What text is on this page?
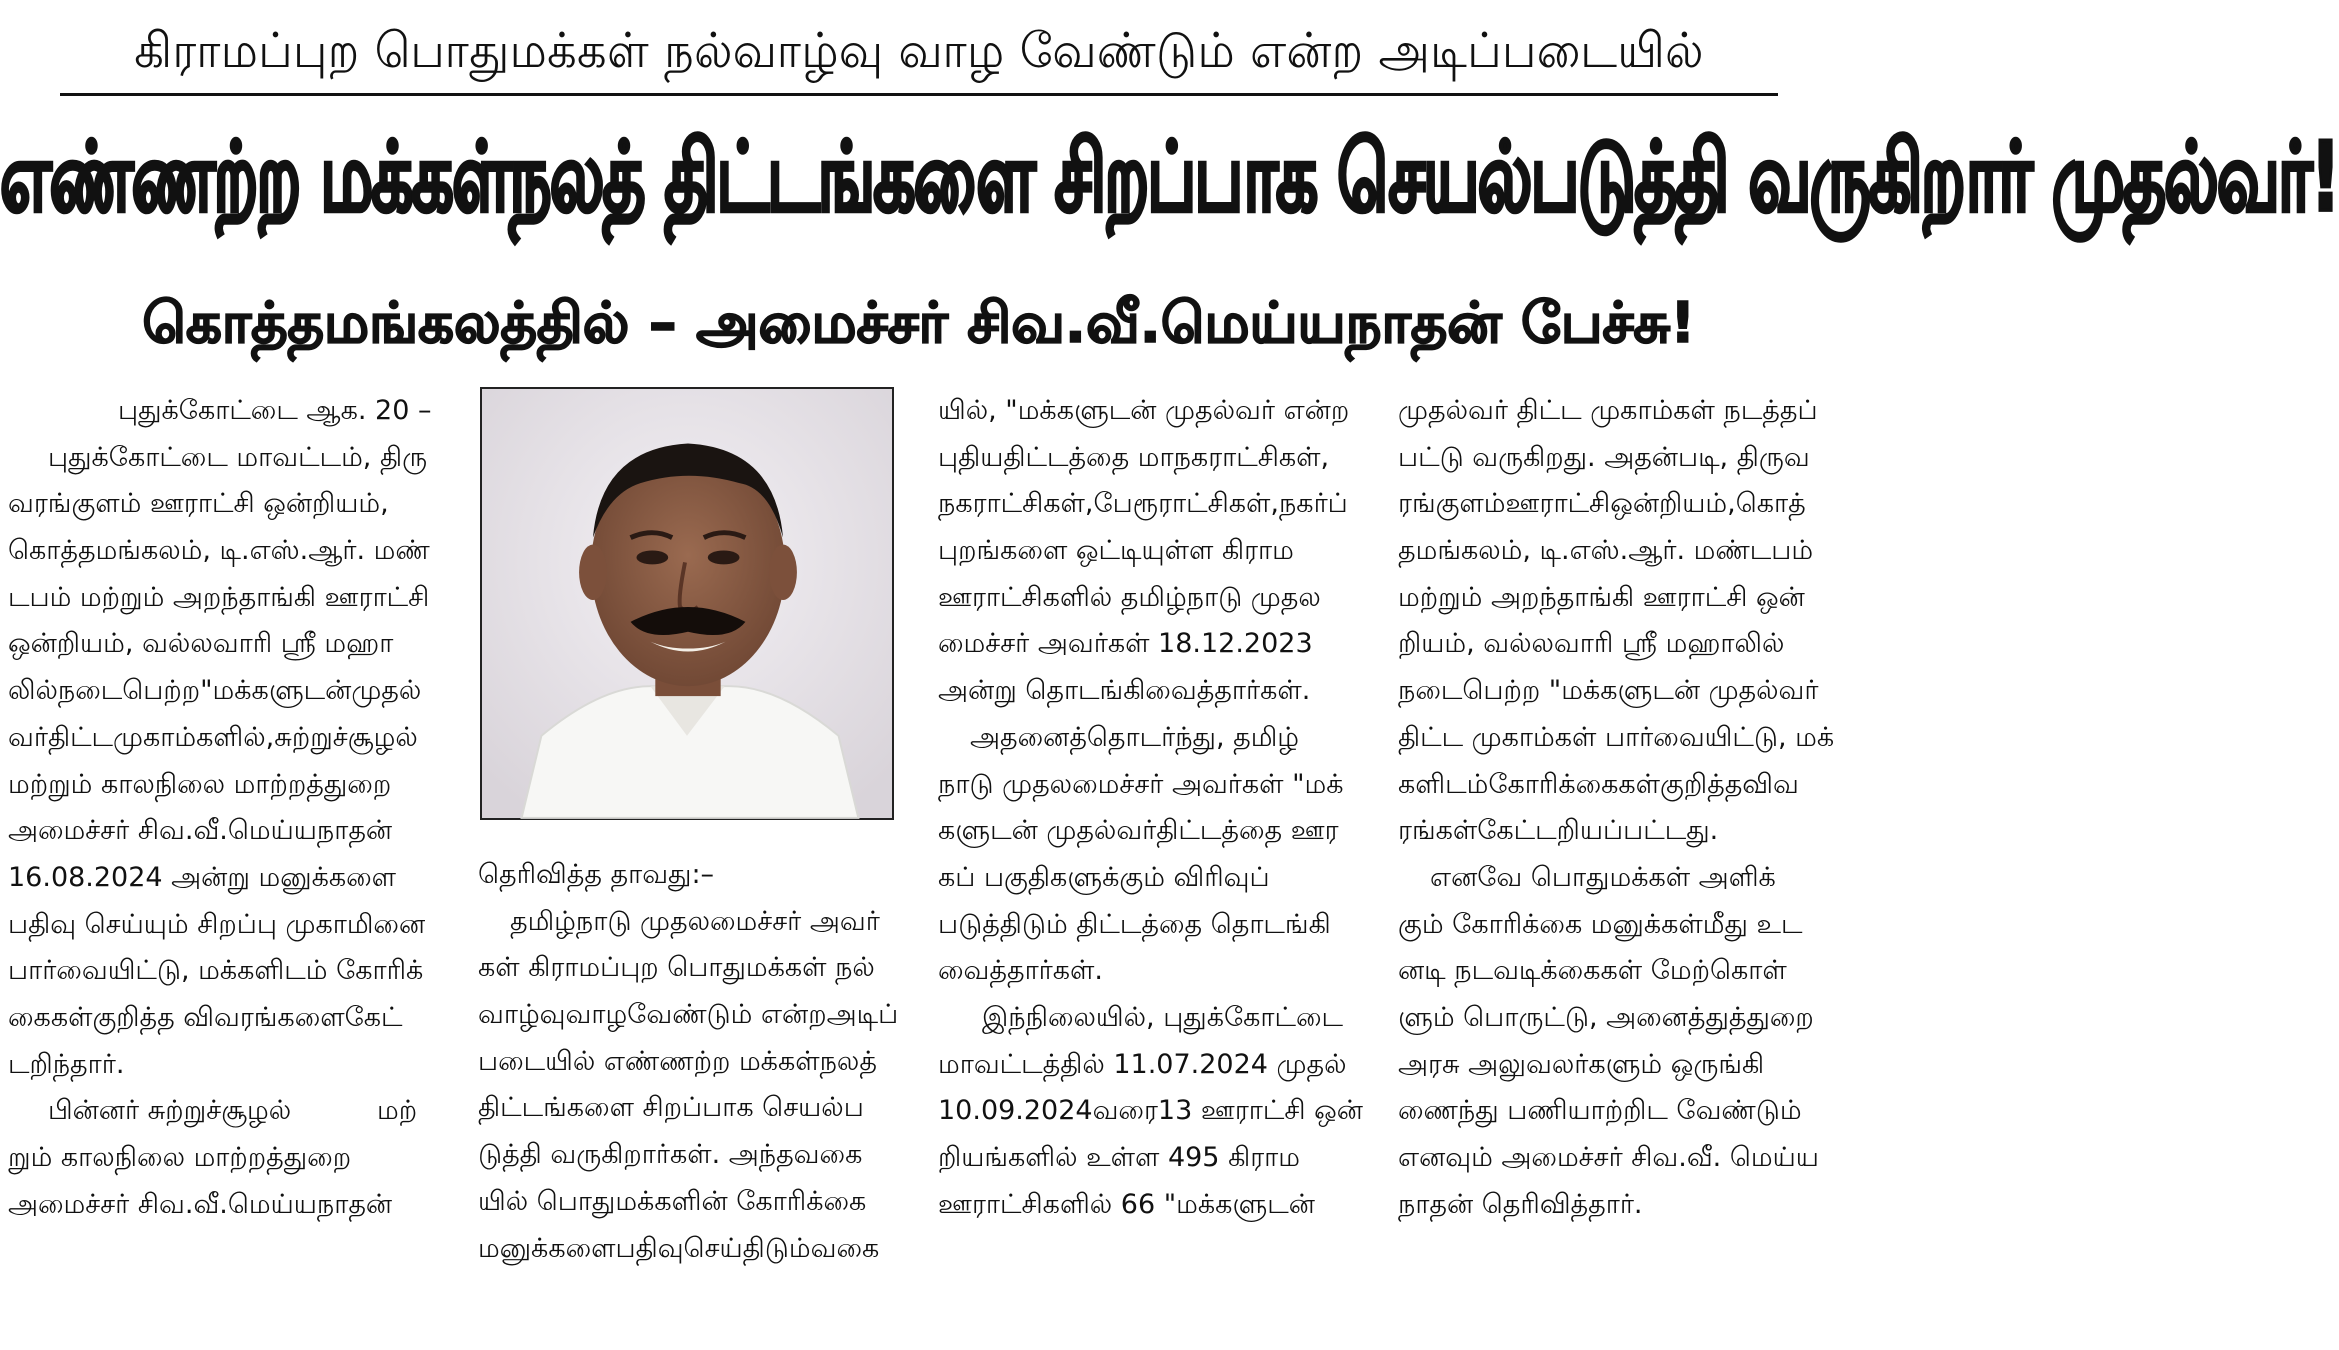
கிராமப்புற பொதுமக்கள் நல்வாழ்வு வாழ வேண்டும் என்ற அடிப்படையில்
எண்ணற்ற மக்கள்நலத் திட்டங்களை சிறப்பாக செயல்படுத்தி வருகிறார் முதல்வர்!
கொத்தமங்கலத்தில் – அமைச்சர் சிவ.வீ.மெய்யநாதன் பேச்சு!
புதுக்கோட்டை ஆக. 20 –
புதுக்கோட்டை மாவட்டம், திரு
வரங்குளம் ஊராட்சி ஒன்றியம்,
கொத்தமங்கலம், டி.எஸ்.ஆர். மண்
டபம் மற்றும் அறந்தாங்கி ஊராட்சி
ஒன்றியம், வல்லவாரி ஸ்ரீ மஹா
லில்நடைபெற்ற"மக்களுடன்முதல்
வர்திட்டமுகாம்களில்,சுற்றுச்சூழல்
மற்றும் காலநிலை மாற்றத்துறை
அமைச்சர் சிவ.வீ.மெய்யநாதன்
16.08.2024 அன்று மனுக்களை
பதிவு செய்யும் சிறப்பு முகாமினை
பார்வையிட்டு, மக்களிடம் கோரிக்
கைகள்குறித்த விவரங்களைகேட்
டறிந்தார்.
பின்னர் சுற்றுச்சூழல்          மற்
றும் காலநிலை மாற்றத்துறை
அமைச்சர் சிவ.வீ.மெய்யநாதன்
தெரிவித்த தாவது:–
தமிழ்நாடு முதலமைச்சர் அவர்
கள் கிராமப்புற பொதுமக்கள் நல்
வாழ்வுவாழவேண்டும் என்றஅடிப்
படையில் எண்ணற்ற மக்கள்நலத்
திட்டங்களை சிறப்பாக செயல்ப
டுத்தி வருகிறார்கள். அந்தவகை
யில் பொதுமக்களின் கோரிக்கை
மனுக்களைபதிவுசெய்திடும்வகை
யில், "மக்களுடன் முதல்வர் என்ற
புதியதிட்டத்தை மாநகராட்சிகள்,
நகராட்சிகள்,பேரூராட்சிகள்,நகர்ப்
புறங்களை ஒட்டியுள்ள கிராம
ஊராட்சிகளில் தமிழ்நாடு முதல
மைச்சர் அவர்கள் 18.12.2023
அன்று தொடங்கிவைத்தார்கள்.
அதனைத்தொடர்ந்து, தமிழ்
நாடு முதலமைச்சர் அவர்கள் "மக்
களுடன் முதல்வர்திட்டத்தை ஊர
கப் பகுதிகளுக்கும் விரிவுப்
படுத்திடும் திட்டத்தை தொடங்கி
வைத்தார்கள்.
இந்நிலையில், புதுக்கோட்டை
மாவட்டத்தில் 11.07.2024 முதல்
10.09.2024வரை13 ஊராட்சி ஒன்
றியங்களில் உள்ள 495 கிராம
ஊராட்சிகளில் 66 "மக்களுடன்
முதல்வர் திட்ட முகாம்கள் நடத்தப்
பட்டு வருகிறது. அதன்படி, திருவ
ரங்குளம்ஊராட்சிஒன்றியம்,கொத்
தமங்கலம், டி.எஸ்.ஆர். மண்டபம்
மற்றும் அறந்தாங்கி ஊராட்சி ஒன்
றியம், வல்லவாரி ஸ்ரீ மஹாலில்
நடைபெற்ற "மக்களுடன் முதல்வர்
திட்ட முகாம்கள் பார்வையிட்டு, மக்
களிடம்கோரிக்கைகள்குறித்தவிவ
ரங்கள்கேட்டறியப்பட்டது.
எனவே பொதுமக்கள் அளிக்
கும் கோரிக்கை மனுக்கள்மீது உட
னடி நடவடிக்கைகள் மேற்கொள்
ளும் பொருட்டு, அனைத்துத்துறை
அரசு அலுவலர்களும் ஒருங்கி
ணைந்து பணியாற்றிட வேண்டும்
எனவும் அமைச்சர் சிவ.வீ. மெய்ய
நாதன் தெரிவித்தார்.
